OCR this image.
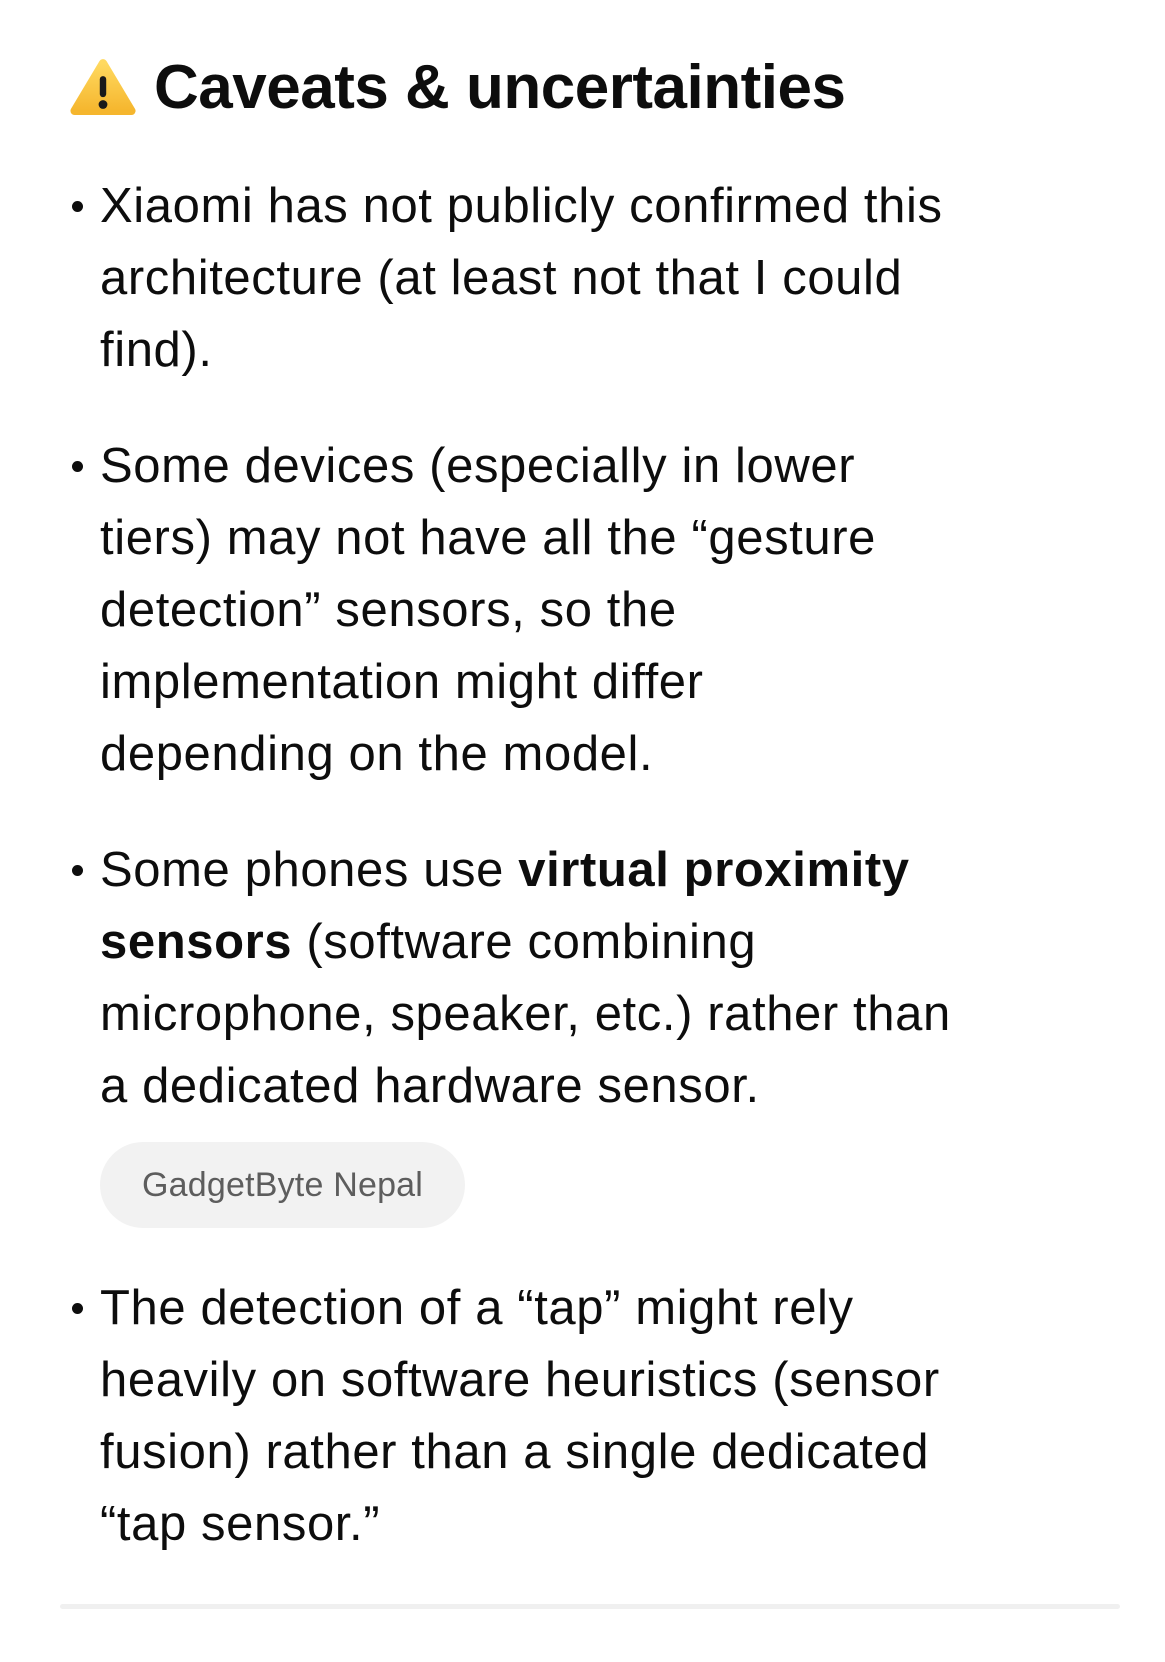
Caveats & uncertainties
Xiaomi has not publicly confirmed this
architecture (at least not that I could
find).
Some devices (especially in lower
tiers) may not have all the “gesture
detection” sensors, so the
implementation might differ
depending on the model.
Some phones use virtual proximity
sensors (software combining
microphone, speaker, etc.) rather than
a dedicated hardware sensor.
GadgetByte Nepal
The detection of a “tap” might rely
heavily on software heuristics (sensor
fusion) rather than a single dedicated
“tap sensor.”
